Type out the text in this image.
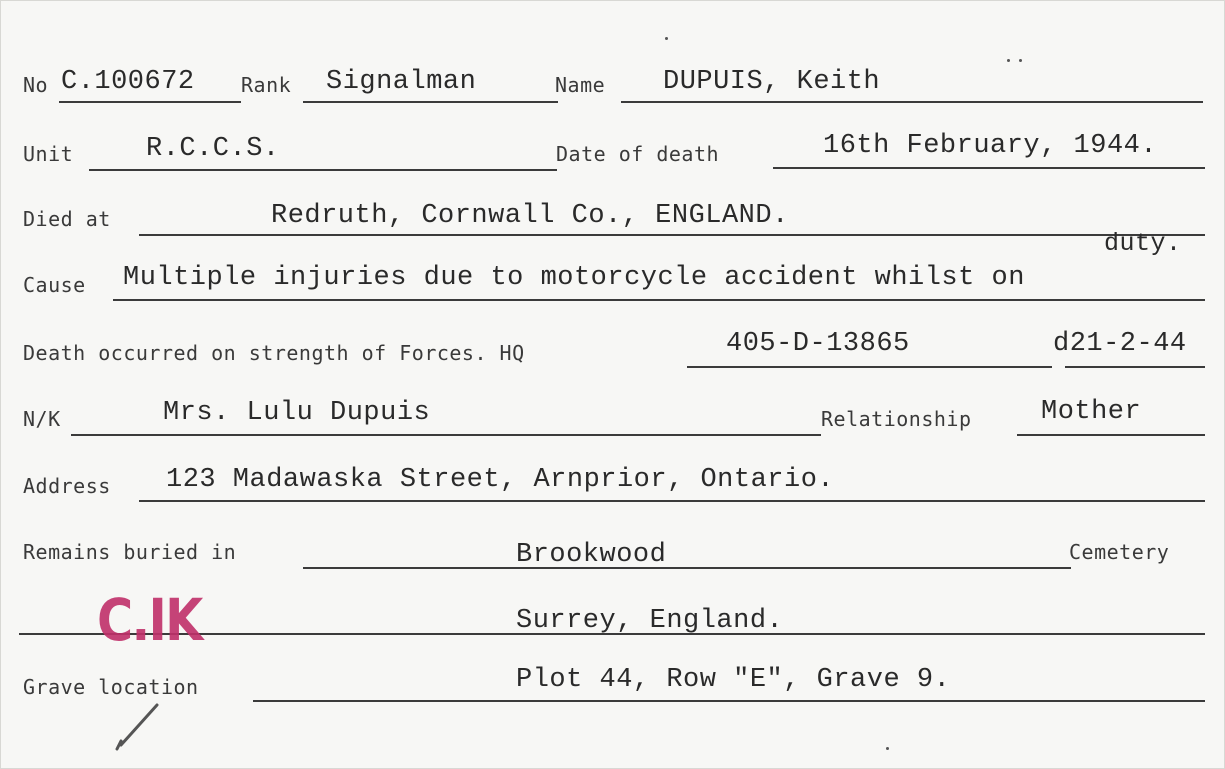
No C.100672 Rank Signalman	Name DUPUIS, Keith
Unit	R.C.C.S.	Date of death	16th February, 1944.
Died at	Redruth, Cornwall Co., ENGLAND.
duty.
Cause Multiple injuries due to motorcycle accident whilst on
Death occurred on strength of Forces. HQ	405-D-13865	d21-2-44
N/K	Mrs. Lulu Dupuis	Relationship	Mother
Address 123 Madawaska Street, Arnprior, Ontario.
Remains buried in	Brookwood	Cemetery
Surrey, England.
Grave location	Plot 44, Row "E", Grave 9.
C.IK
